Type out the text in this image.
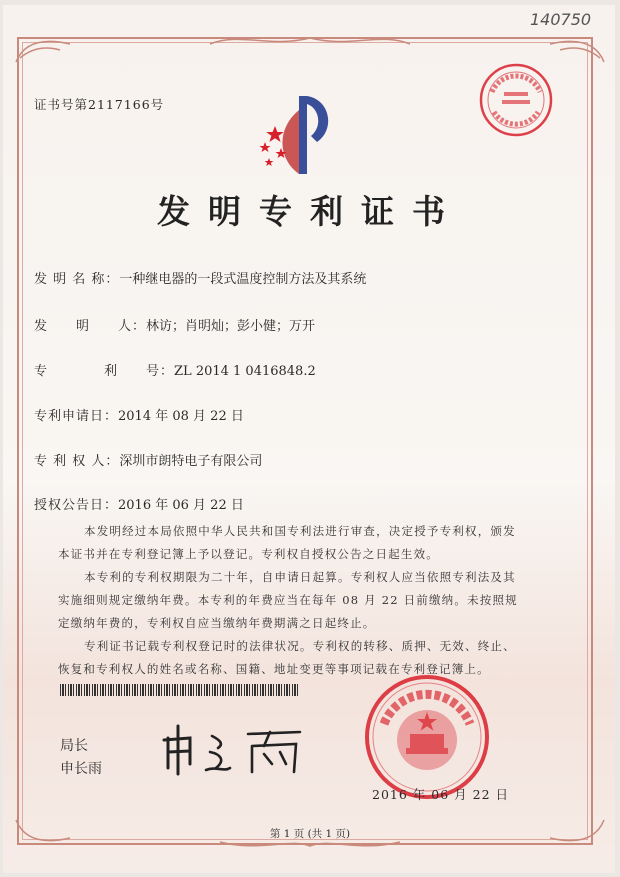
140750
证书号第2117166号
发明专利证书
发 明 名 称：一种继电器的一段式温度控制方法及其系统
发　　明　　人：林访；肖明灿；彭小健；万开
专　　　　利　　号：ZL 2014 1 0416848.2
专利申请日：2014 年 08 月 22 日
专 利 权 人：深圳市朗特电子有限公司
授权公告日：2016 年 06 月 22 日
本发明经过本局依照中华人民共和国专利法进行审查，决定授予专利权，颁发本证书并在专利登记簿上予以登记。专利权自授权公告之日起生效。
本专利的专利权期限为二十年，自申请日起算。专利权人应当依照专利法及其实施细则规定缴纳年费。本专利的年费应当在每年 08 月 22 日前缴纳。未按照规定缴纳年费的，专利权自应当缴纳年费期满之日起终止。
专利证书记载专利权登记时的法律状况。专利权的转移、质押、无效、终止、恢复和专利权人的姓名或名称、国籍、地址变更等事项记载在专利登记簿上。
局长
申长雨
2016 年 06 月 22 日
第 1 页 (共 1 页)
